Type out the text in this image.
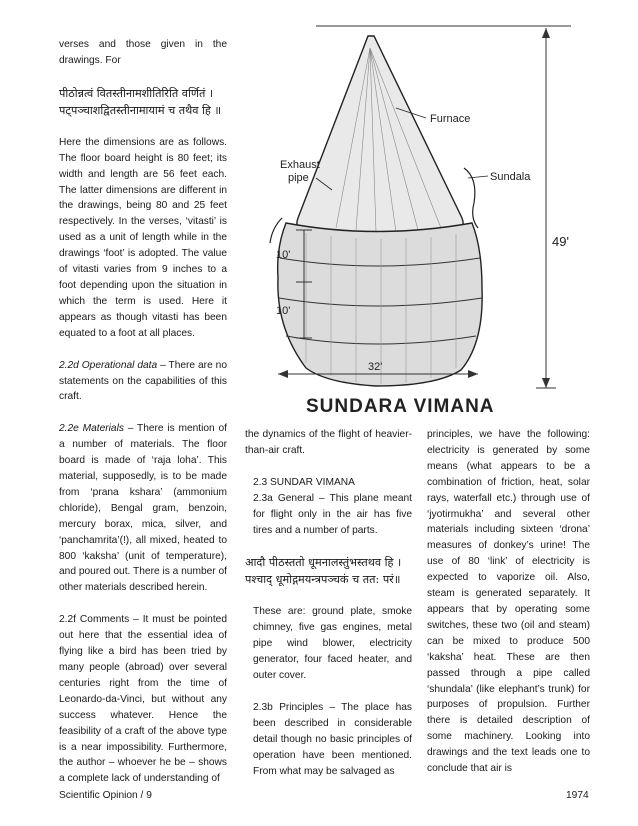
verses and those given in the drawings. For

पीठोन्नत्वं वितस्तीनामशीतिरिति वर्णितं ।

पट्पञ्चाशद्वितस्तीनामायामं च तथैव हि ॥

Here the dimensions are as follows. The floor board height is 80 feet; its width and length are 56 feet each. The latter dimensions are different in the drawings, being 80 and 25 feet respectively. In the verses, ‘vitasti’ is used as a unit of length while in the drawings ‘foot’ is adopted. The value of vitasti varies from 9 inches to a foot depending upon the situation in which the term is used. Here it appears as though vitasti has been equated to a foot at all places.

2.2d Operational data – There are no statements on the capabilities of this craft.

2.2e Materials – There is mention of a number of materials. The floor board is made of ‘raja loha’. This material, supposedly, is to be made from ‘prana kshara’ (ammonium chloride), Bengal gram, benzoin, mercury borax, mica, silver, and ‘panchamrita’(!), all mixed, heated to 800 ‘kaksha’ (unit of temperature), and poured out. There is a number of other materials described herein.

2.2f Comments – It must be pointed out here that the essential idea of flying like a bird has been tried by many people (abroad) over several centuries right from the time of Leonardo-da-Vinci, but without any success whatever. Hence the feasibility of a craft of the above type is a near impossibility. Furthermore, the author – whoever he be – shows a complete lack of understanding of

Furnace
Sundala
Exhaust
pipe
49'
10'
10'
32'
SUNDARA VIMANA

the dynamics of the flight of heavier-than-air craft.

2.3 SUNDAR VIMANA

2.3a General – This plane meant for flight only in the air has five tires and a number of parts.

आदौ पीठस्ततो धूमनालस्तुंभस्तथव हि ।

पश्चाद् धूमोद्गमयन्त्रपञ्चकं च तत: परं॥

These are: ground plate, smoke chimney, five gas engines, metal pipe wind blower, electricity generator, four faced heater, and outer cover.

2.3b Principles – The place has been described in considerable detail though no basic principles of operation have been mentioned. From what may be salvaged as

principles, we have the following: electricity is generated by some means (what appears to be a combination of friction, heat, solar rays, waterfall etc.) through use of ‘jyotirmukha’ and several other materials including sixteen ‘drona’ measures of donkey’s urine! The use of 80 ‘link’ of electricity is expected to vaporize oil. Also, steam is generated separately. It appears that by operating some switches, these two (oil and steam) can be mixed to produce 500 ‘kaksha’ heat. These are then passed through a pipe called ‘shundala’ (like elephant’s trunk) for purposes of propulsion. Further there is detailed description of some machinery. Looking into drawings and the text leads one to conclude that air is

Scientific Opinion / 9	1974
